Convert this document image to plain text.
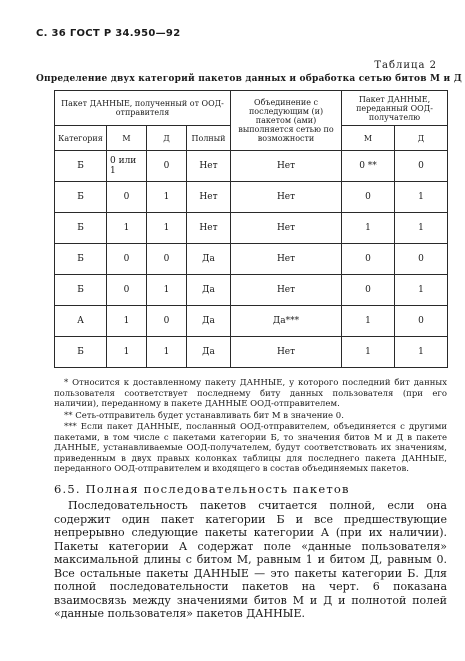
С. 36 ГОСТ Р 34.950—92
Таблица 2
Определение двух категорий пакетов данных и обработка сетью битов М и Д
Пакет ДАННЫЕ, полученный от ООД-отправителя				Объединение с последующим (и) пакетом (ами) выполняется сетью по возможности	Пакет ДАННЫЕ, переданный ООД-получателю	
Категория	М	Д	Полный		М	Д
Б	0 или 1	0	Нет	Нет	0 **	0
Б	0	1	Нет	Нет	0	1
Б	1	1	Нет	Нет	1	1
Б	0	0	Да	Нет	0	0
Б	0	1	Да	Нет	0	1
А	1	0	Да	Да***	1	0
Б	1	1	Да	Нет	1	1

* Относится к доставленному пакету ДАННЫЕ, у которого последний бит данных пользователя соответствует последнему биту данных пользователя (при его наличии), переданному в пакете ДАННЫЕ ООД-отправителем.

** Сеть-отправитель будет устанавливать бит М в значение 0.

*** Если пакет ДАННЫЕ, посланный ООД-отправителем, объединяется с другими пакетами, в том числе с пакетами категории Б, то значения битов М и Д в пакете ДАННЫЕ, устанавливаемые ООД-получателем, будут соответствовать их значениям, приведенным в двух правых колонках таблицы для последнего пакета ДАННЫЕ, переданного ООД-отправителем и входящего в состав объединяемых пакетов.

6.5. Полная последовательность пакетов

Последовательность пакетов считается полной, если она содержит один пакет категории Б и все предшествующие непрерывно следующие пакеты категории А (при их наличии). Пакеты категории А содержат поле «данные пользователя» максимальной длины с битом М, равным 1 и битом Д, равным 0. Все остальные пакеты ДАННЫЕ — это пакеты категории Б. Для полной последовательности пакетов на черт. 6 показана взаимосвязь между значениями битов М и Д и полнотой полей «данные пользователя» пакетов ДАННЫЕ.
